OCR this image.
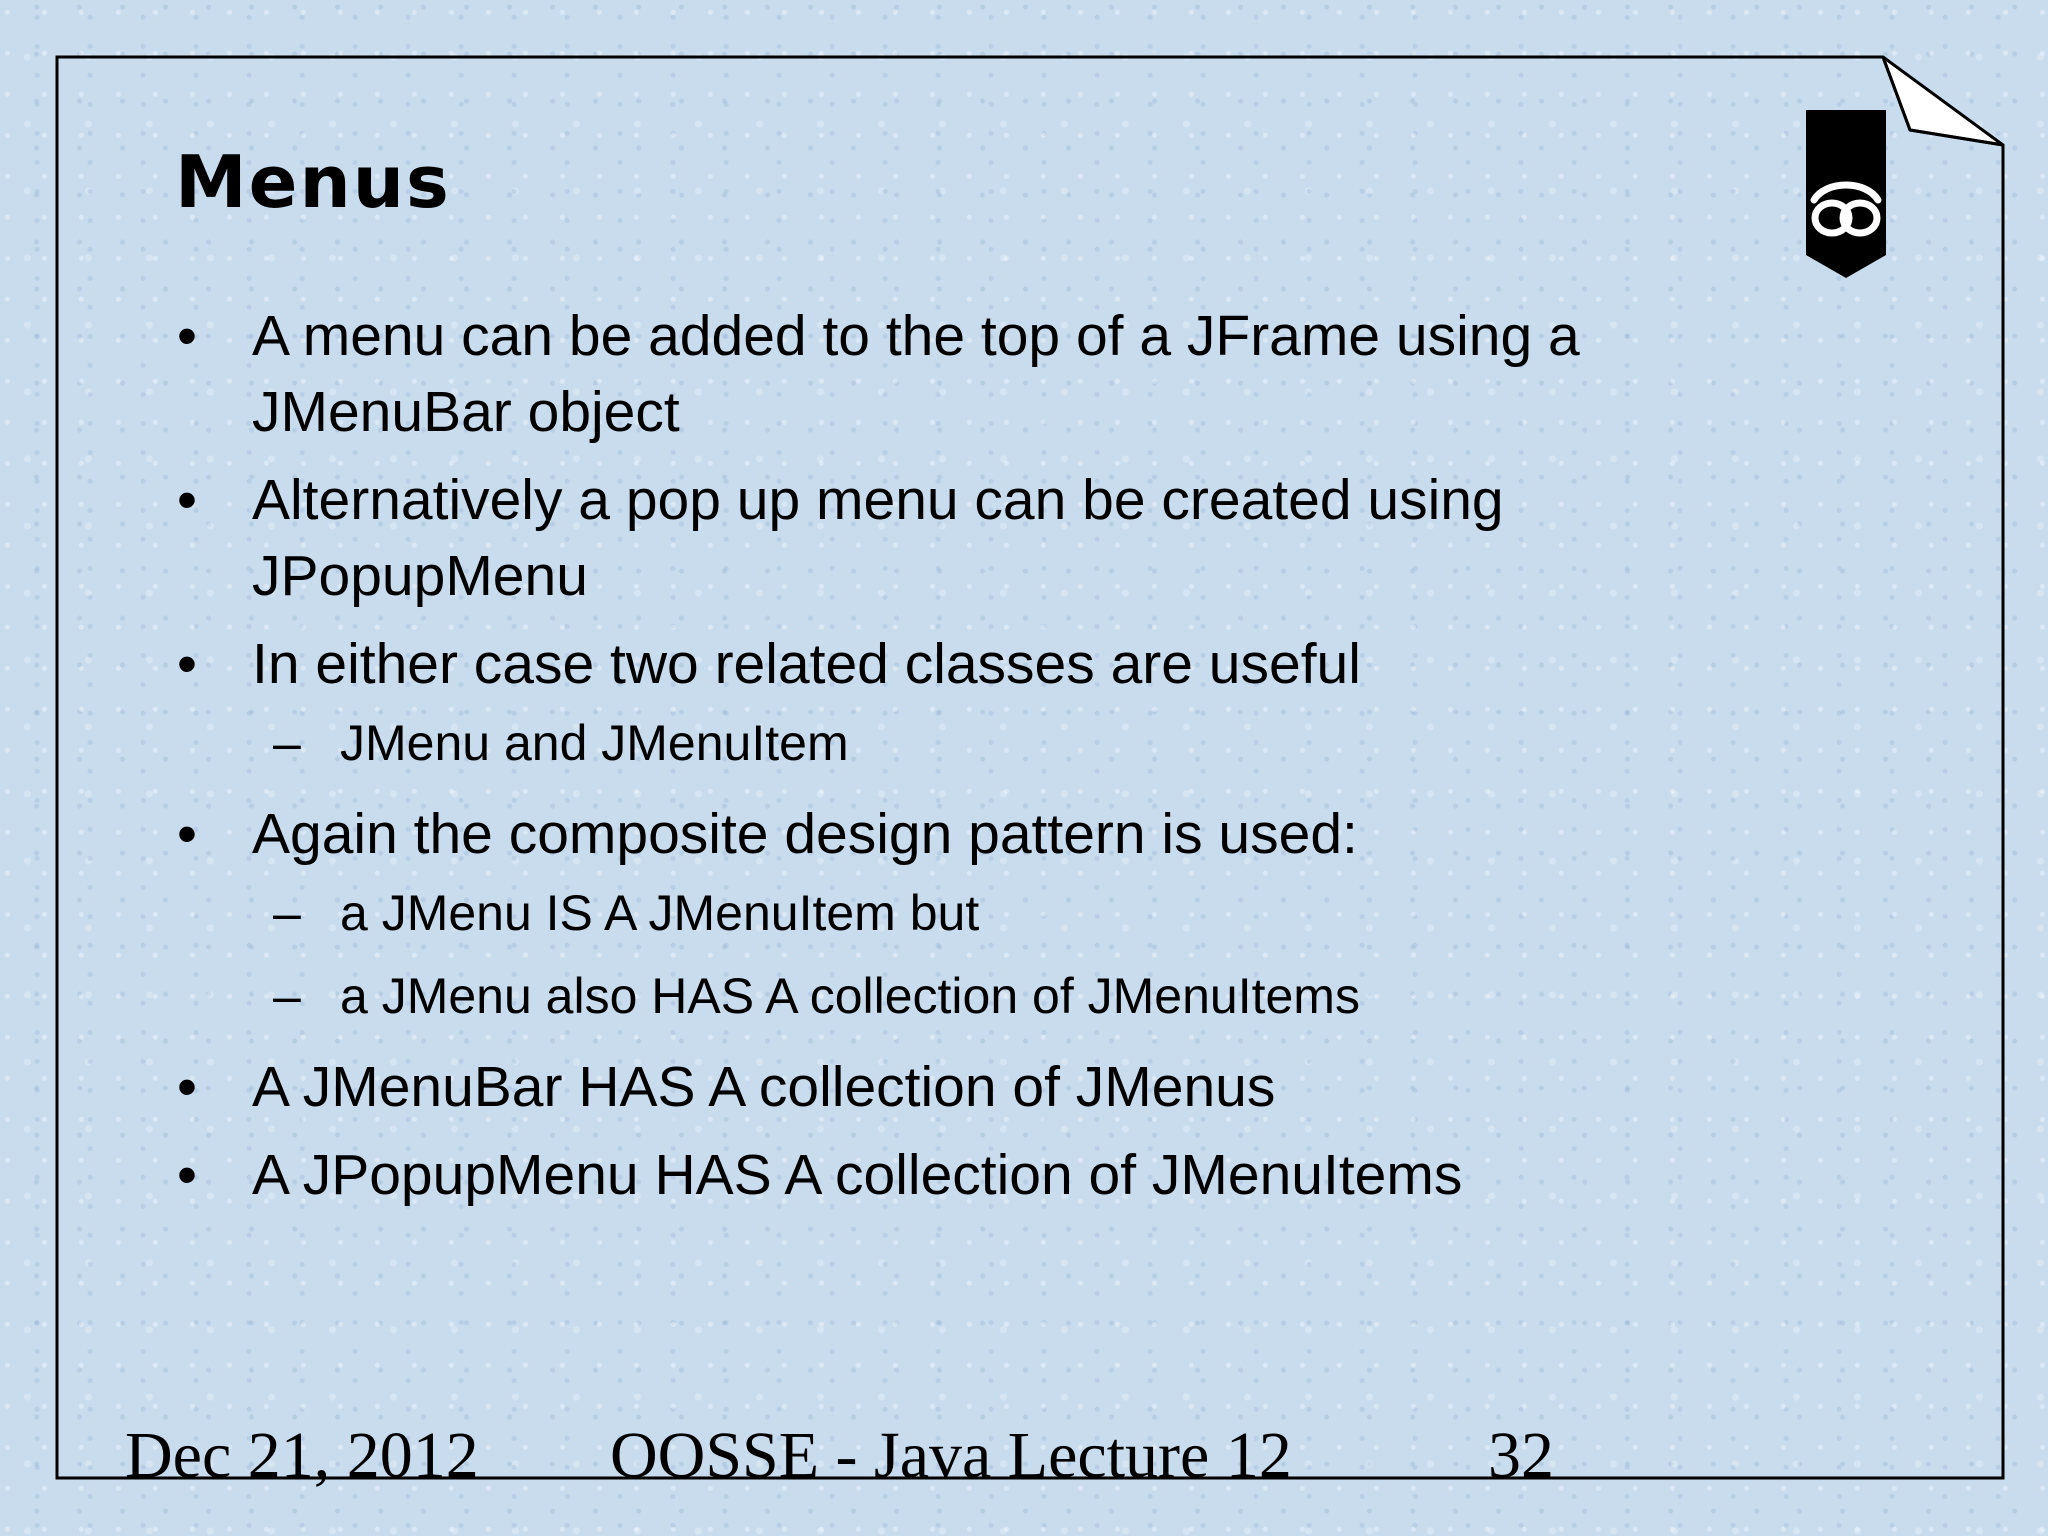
Menus
• A menu can be added to the top of a JFrame using a JMenuBar object
• Alternatively a pop up menu can be created using JPopupMenu
• In either case two related classes are useful
– JMenu and JMenuItem
• Again the composite design pattern is used:
– a JMenu IS A JMenuItem but
– a JMenu also HAS A collection of JMenuItems
• A JMenuBar HAS A collection of JMenus
• A JPopupMenu HAS A collection of JMenuItems
Dec 21, 2012 OOSSE - Java Lecture 12	32
